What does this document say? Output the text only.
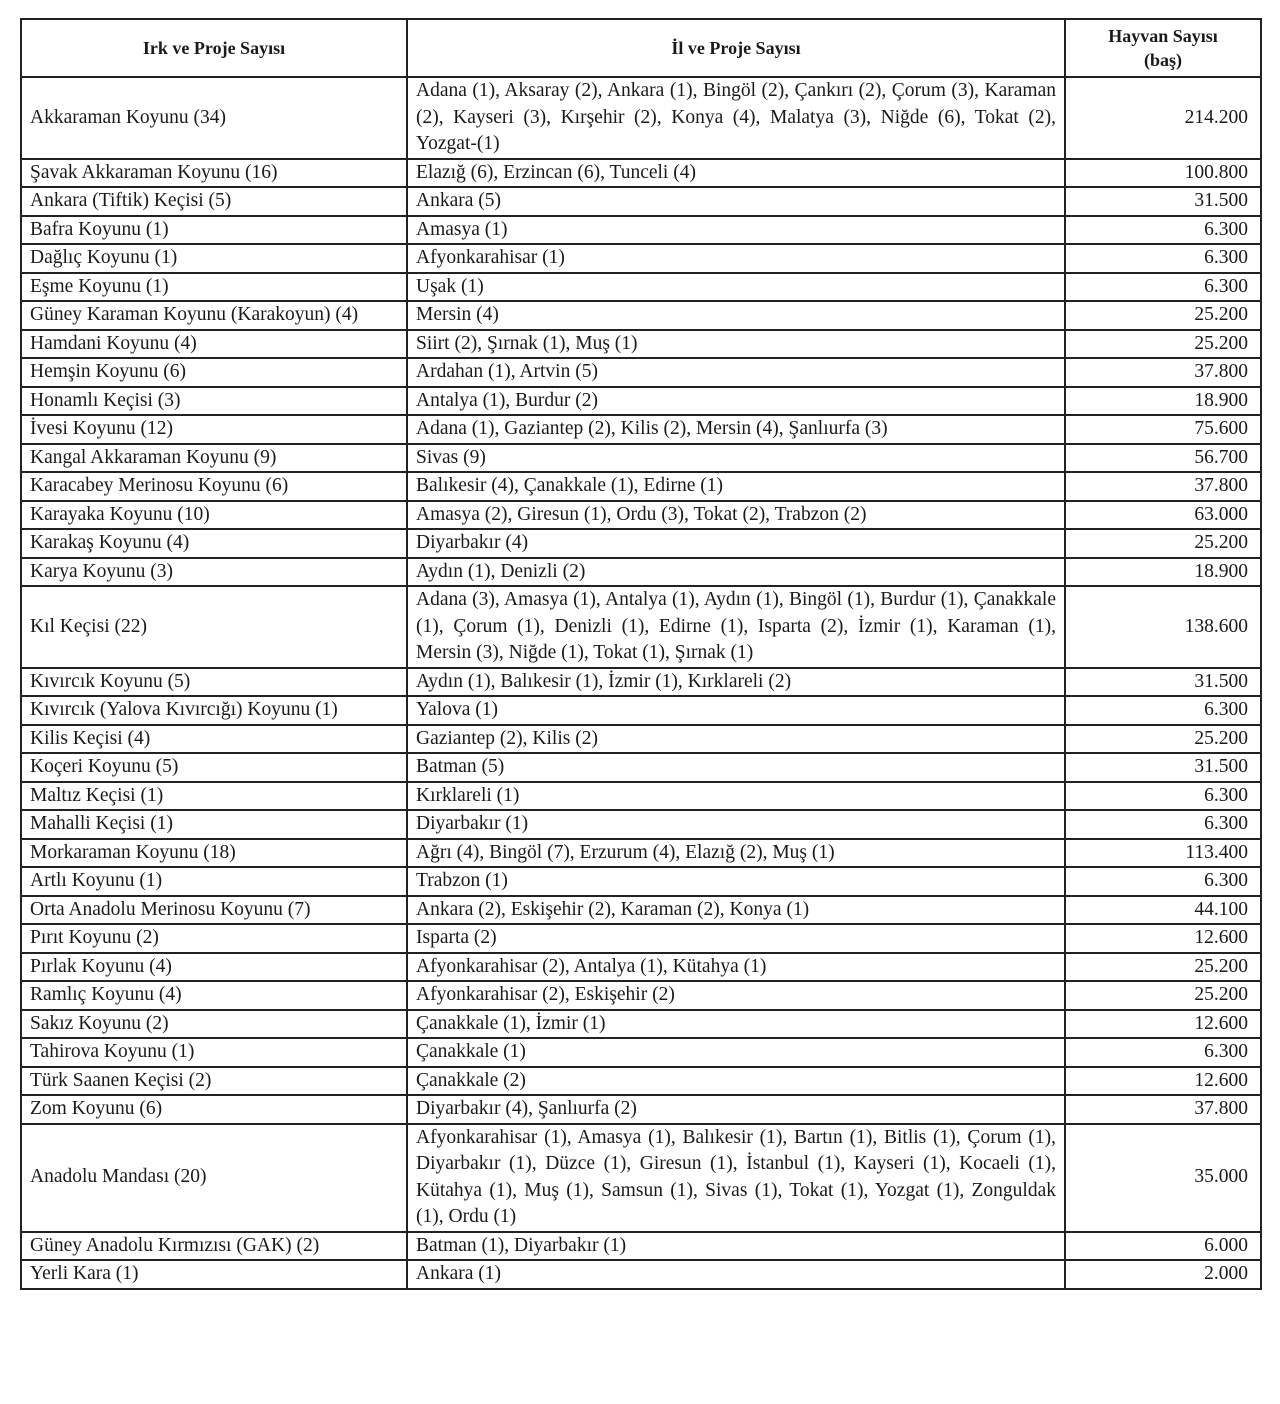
Irk ve Proje Sayısı	İl ve Proje Sayısı	Hayvan Sayısı
(baş)
Akkaraman Koyunu (34)	Adana (1), Aksaray (2), Ankara (1), Bingöl (2), Çankırı (2), Çorum (3), Karaman (2), Kayseri (3), Kırşehir (2), Konya (4), Malatya (3), Niğde (6), Tokat (2), Yozgat-(1)	214.200
Şavak Akkaraman Koyunu (16)	Elazığ (6), Erzincan (6), Tunceli (4)	100.800
Ankara (Tiftik) Keçisi (5)	Ankara (5)	31.500
Bafra Koyunu (1)	Amasya (1)	6.300
Dağlıç Koyunu (1)	Afyonkarahisar (1)	6.300
Eşme Koyunu (1)	Uşak (1)	6.300
Güney Karaman Koyunu (Karakoyun) (4)	Mersin (4)	25.200
Hamdani Koyunu (4)	Siirt (2), Şırnak (1), Muş (1)	25.200
Hemşin Koyunu (6)	Ardahan (1), Artvin (5)	37.800
Honamlı Keçisi (3)	Antalya (1), Burdur (2)	18.900
İvesi Koyunu (12)	Adana (1), Gaziantep (2), Kilis (2), Mersin (4), Şanlıurfa (3)	75.600
Kangal Akkaraman Koyunu (9)	Sivas (9)	56.700
Karacabey Merinosu Koyunu (6)	Balıkesir (4), Çanakkale (1), Edirne (1)	37.800
Karayaka Koyunu (10)	Amasya (2), Giresun (1), Ordu (3), Tokat (2), Trabzon (2)	63.000
Karakaş Koyunu (4)	Diyarbakır (4)	25.200
Karya Koyunu (3)	Aydın (1), Denizli (2)	18.900
Kıl Keçisi (22)	Adana (3), Amasya (1), Antalya (1), Aydın (1), Bingöl (1), Burdur (1), Çanakkale (1), Çorum (1), Denizli (1), Edirne (1), Isparta (2), İzmir (1), Karaman (1), Mersin (3), Niğde (1), Tokat (1), Şırnak (1)	138.600
Kıvırcık Koyunu (5)	Aydın (1), Balıkesir (1), İzmir (1), Kırklareli (2)	31.500
Kıvırcık (Yalova Kıvırcığı) Koyunu (1)	Yalova (1)	6.300
Kilis Keçisi (4)	Gaziantep (2), Kilis (2)	25.200
Koçeri Koyunu (5)	Batman (5)	31.500
Maltız Keçisi (1)	Kırklareli (1)	6.300
Mahalli Keçisi (1)	Diyarbakır (1)	6.300
Morkaraman Koyunu (18)	Ağrı (4), Bingöl (7), Erzurum (4), Elazığ (2), Muş (1)	113.400
Artlı Koyunu (1)	Trabzon (1)	6.300
Orta Anadolu Merinosu Koyunu (7)	Ankara (2), Eskişehir (2), Karaman (2), Konya (1)	44.100
Pırıt Koyunu (2)	Isparta (2)	12.600
Pırlak Koyunu (4)	Afyonkarahisar (2), Antalya (1), Kütahya (1)	25.200
Ramlıç Koyunu (4)	Afyonkarahisar (2), Eskişehir (2)	25.200
Sakız Koyunu (2)	Çanakkale (1), İzmir (1)	12.600
Tahirova Koyunu (1)	Çanakkale (1)	6.300
Türk Saanen Keçisi (2)	Çanakkale (2)	12.600
Zom Koyunu (6)	Diyarbakır (4), Şanlıurfa (2)	37.800
Anadolu Mandası (20)	Afyonkarahisar (1), Amasya (1), Balıkesir (1), Bartın (1), Bitlis (1), Çorum (1), Diyarbakır (1), Düzce (1), Giresun (1), İstanbul (1), Kayseri (1), Kocaeli (1), Kütahya (1), Muş (1), Samsun (1), Sivas (1), Tokat (1), Yozgat (1), Zonguldak (1), Ordu (1)	35.000
Güney Anadolu Kırmızısı (GAK) (2)	Batman (1), Diyarbakır (1)	6.000
Yerli Kara (1)	Ankara (1)	2.000
